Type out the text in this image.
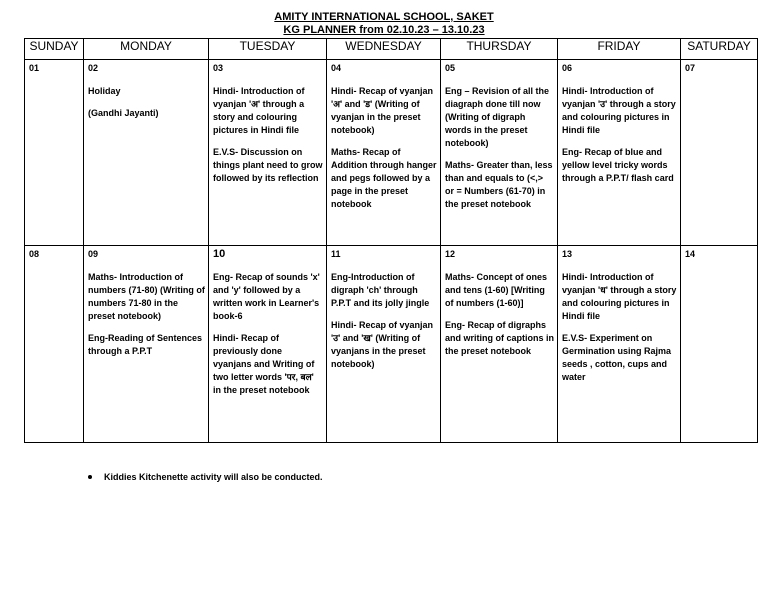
AMITY INTERNATIONAL SCHOOL, SAKET
KG PLANNER from 02.10.23 – 13.10.23
SUNDAY	MONDAY	TUESDAY	WEDNESDAY	THURSDAY	FRIDAY	SATURDAY

01	02
Holiday
(Gandhi Jayanti)	03
Hindi- Introduction of vyanjan 'अ' through a story and colouring pictures in Hindi file
E.V.S- Discussion on things plant need to grow followed by its reflection	04
Hindi- Recap of vyanjan 'अ' and 'ड' (Writing of vyanjan in the preset notebook)
Maths- Recap of Addition through hanger and pegs followed by a page in the preset notebook	05
Eng – Revision of all the diagraph done till now (Writing of digraph words in the preset notebook)
Maths- Greater than, less than and equals to (<,> or = Numbers (61-70) in the preset notebook	06
Hindi- Introduction of vyanjan 'उ' through a story and colouring pictures in Hindi file
Eng- Recap of blue and yellow level tricky words through a P.P.T/ flash card	07

08	09
Maths- Introduction of numbers (71-80) (Writing of numbers 71-80 in the preset notebook)
Eng-Reading of Sentences through a P.P.T	10
Eng- Recap of sounds 'x' and 'y' followed by a written work in Learner's book-6
Hindi- Recap of previously done vyanjans and Writing of two letter words 'पर, बल' in the preset notebook	11
Eng-Introduction of digraph 'ch' through P.P.T and its jolly jingle
Hindi- Recap of vyanjan 'उ' and 'ख' (Writing of vyanjans in the preset notebook)	12
Maths- Concept of ones and tens (1-60) [Writing of numbers (1-60)]
Eng- Recap of digraphs and writing of captions in the preset notebook	13
Hindi- Introduction of vyanjan 'ध' through a story and colouring pictures in Hindi file
E.V.S- Experiment on Germination using Rajma seeds , cotton, cups and water	14
Kiddies Kitchenette activity will also be conducted.
